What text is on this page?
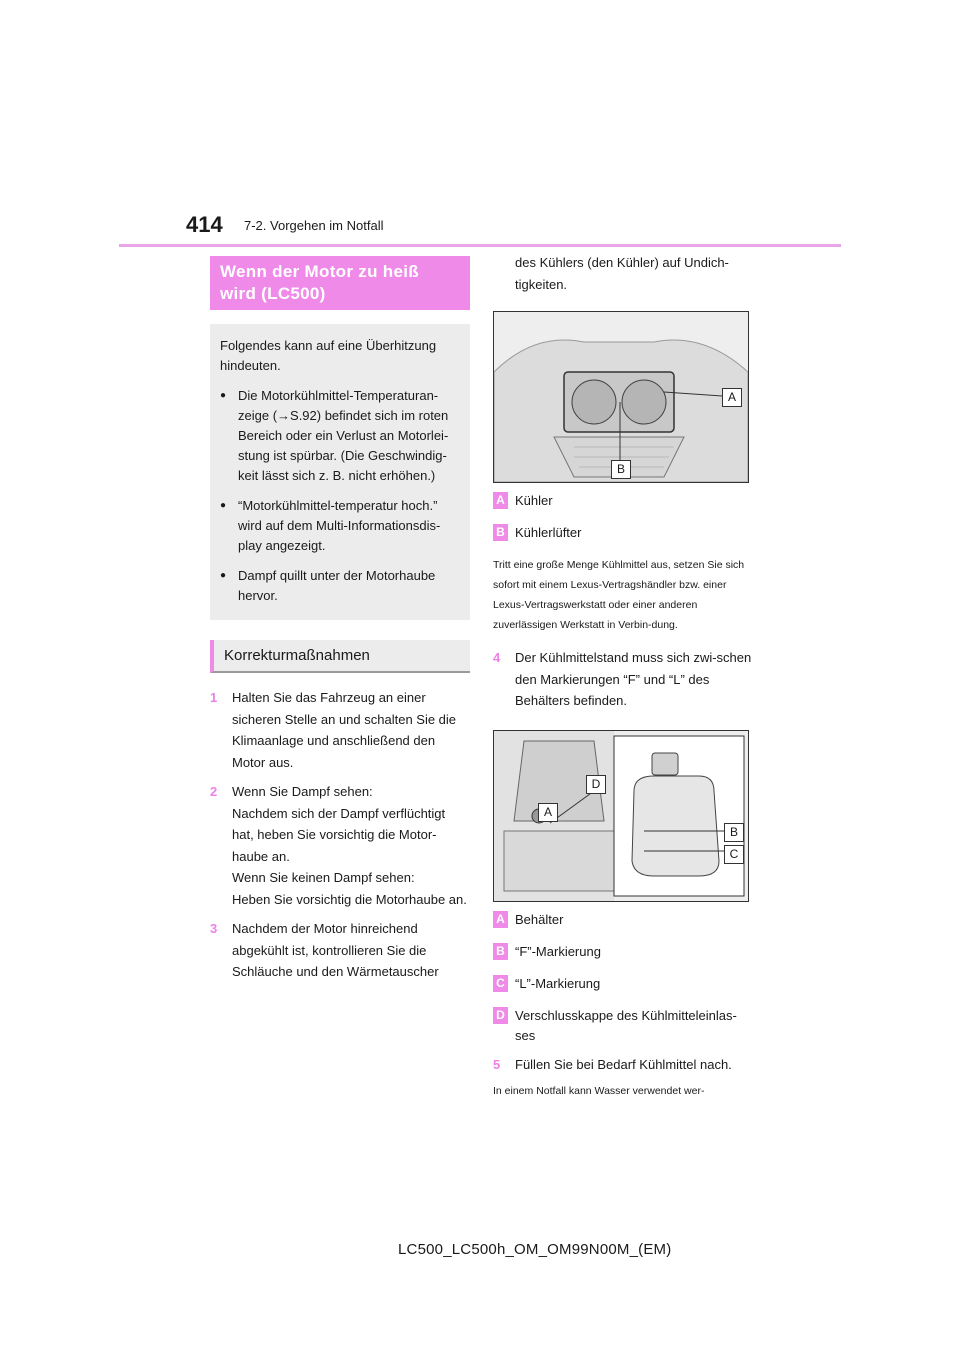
414 7-2. Vorgehen im Notfall
Wenn der Motor zu heiß wird (LC500)
Folgendes kann auf eine Überhitzung hindeuten.
● Die Motorkühlmittel-Temperaturan-zeige (→S.92) befindet sich im roten Bereich oder ein Verlust an Motorlei-stung ist spürbar. (Die Geschwindig-keit lässt sich z. B. nicht erhöhen.)
● “Motorkühlmittel-temperatur hoch.” wird auf dem Multi-Informationsdis-play angezeigt.
● Dampf quillt unter der Motorhaube hervor.
Korrekturmaßnahmen
1 Halten Sie das Fahrzeug an einer sicheren Stelle an und schalten Sie die Klimaanlage und anschließend den Motor aus.

2 Wenn Sie Dampf sehen:

Nachdem sich der Dampf verflüchtigt hat, heben Sie vorsichtig die Motor-haube an.

Wenn Sie keinen Dampf sehen:

Heben Sie vorsichtig die Motorhaube an.

3 Nachdem der Motor hinreichend abgekühlt ist, kontrollieren Sie die Schläuche und den Wärmetauscher

des Kühlers (den Kühler) auf Undich-tigkeiten.
A
B
A Kühler
B Kühlerlüfter

Tritt eine große Menge Kühlmittel aus, setzen Sie sich sofort mit einem Lexus-Vertragshändler bzw. einer Lexus-Vertragswerkstatt oder einer anderen zuverlässigen Werkstatt in Verbin-dung.

4 Der Kühlmittelstand muss sich zwi-schen den Markierungen “F” und “L” des Behälters befinden.
A
B
C
D
A Behälter
B “F”-Markierung
C “L”-Markierung
D Verschlusskappe des Kühlmitteleinlas-ses
5 Füllen Sie bei Bedarf Kühlmittel nach.

In einem Notfall kann Wasser verwendet wer-

LC500_LC500h_OM_OM99N00M_(EM)
